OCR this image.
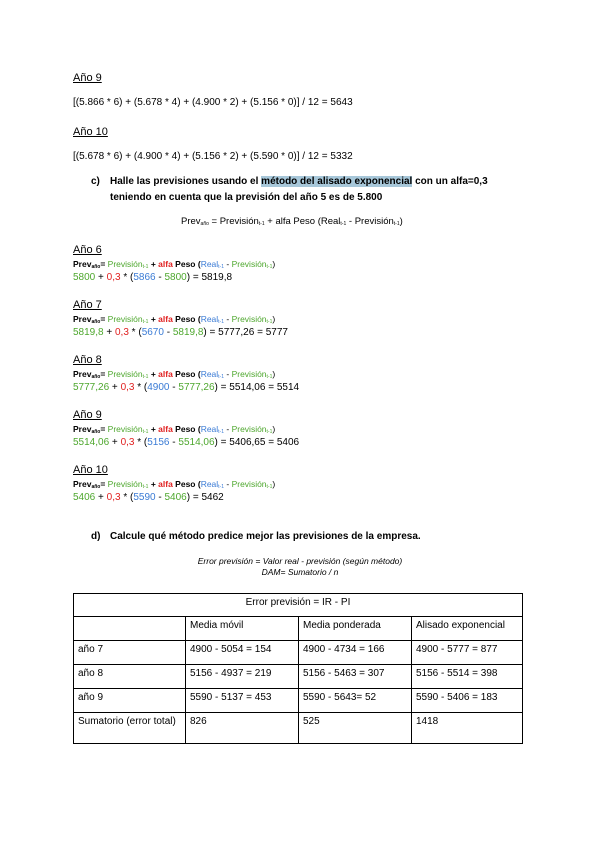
Año 9
[(5.866 * 6) + (5.678 * 4) + (4.900 * 2) + (5.156 * 0)] / 12 = 5643
Año 10
[(5.678 * 6) + (4.900 * 4) + (5.156 * 2) + (5.590 * 0)] / 12 = 5332
c) Halle las previsiones usando el método del alisado exponencial con un alfa=0,3
teniendo en cuenta que la previsión del año 5 es de 5.800
Prev$_{año}$ = Previsión$_{t-1}$ + alfa Peso (Real$_{t-1}$ - Previsión$_{t-1}$)
Año 6
Prev$_{año}$= Previsión$_{t-1}$ + alfa Peso (Real$_{t-1}$ - Previsión$_{t-1}$)
5800 + 0,3 * (5866 - 5800) = 5819,8
Año 7
Prev$_{año}$= Previsión$_{t-1}$ + alfa Peso (Real$_{t-1}$ - Previsión$_{t-1}$)
5819,8 + 0,3 * (5670 - 5819,8) = 5777,26 = 5777
Año 8
Prev$_{año}$= Previsión$_{t-1}$ + alfa Peso (Real$_{t-1}$ - Previsión$_{t-1}$)
5777,26 + 0,3 * (4900 - 5777,26) = 5514,06 = 5514
Año 9
Prev$_{año}$= Previsión$_{t-1}$ + alfa Peso (Real$_{t-1}$ - Previsión$_{t-1}$)
5514,06 + 0,3 * (5156 - 5514,06) = 5406,65 = 5406
Año 10
Prev$_{año}$= Previsión$_{t-1}$ + alfa Peso (Real$_{t-1}$ - Previsión$_{t-1}$)
5406 + 0,3 * (5590 - 5406) = 5462
d) Calcule qué método predice mejor las previsiones de la empresa.
Error previsión = Valor real - previsión (según método)
DAM= Sumatorio / n
Error previsión = IR - PI			
	Media móvil	Media ponderada	Alisado exponencial
año 7	4900 - 5054 = 154	4900 - 4734 = 166	4900 - 5777 = 877
año 8	5156 - 4937 = 219	5156 - 5463 = 307	5156 - 5514 = 398
año 9	5590 - 5137 = 453	5590 - 5643= 52	5590 - 5406 = 183
Sumatorio (error total)	826	525	1418
